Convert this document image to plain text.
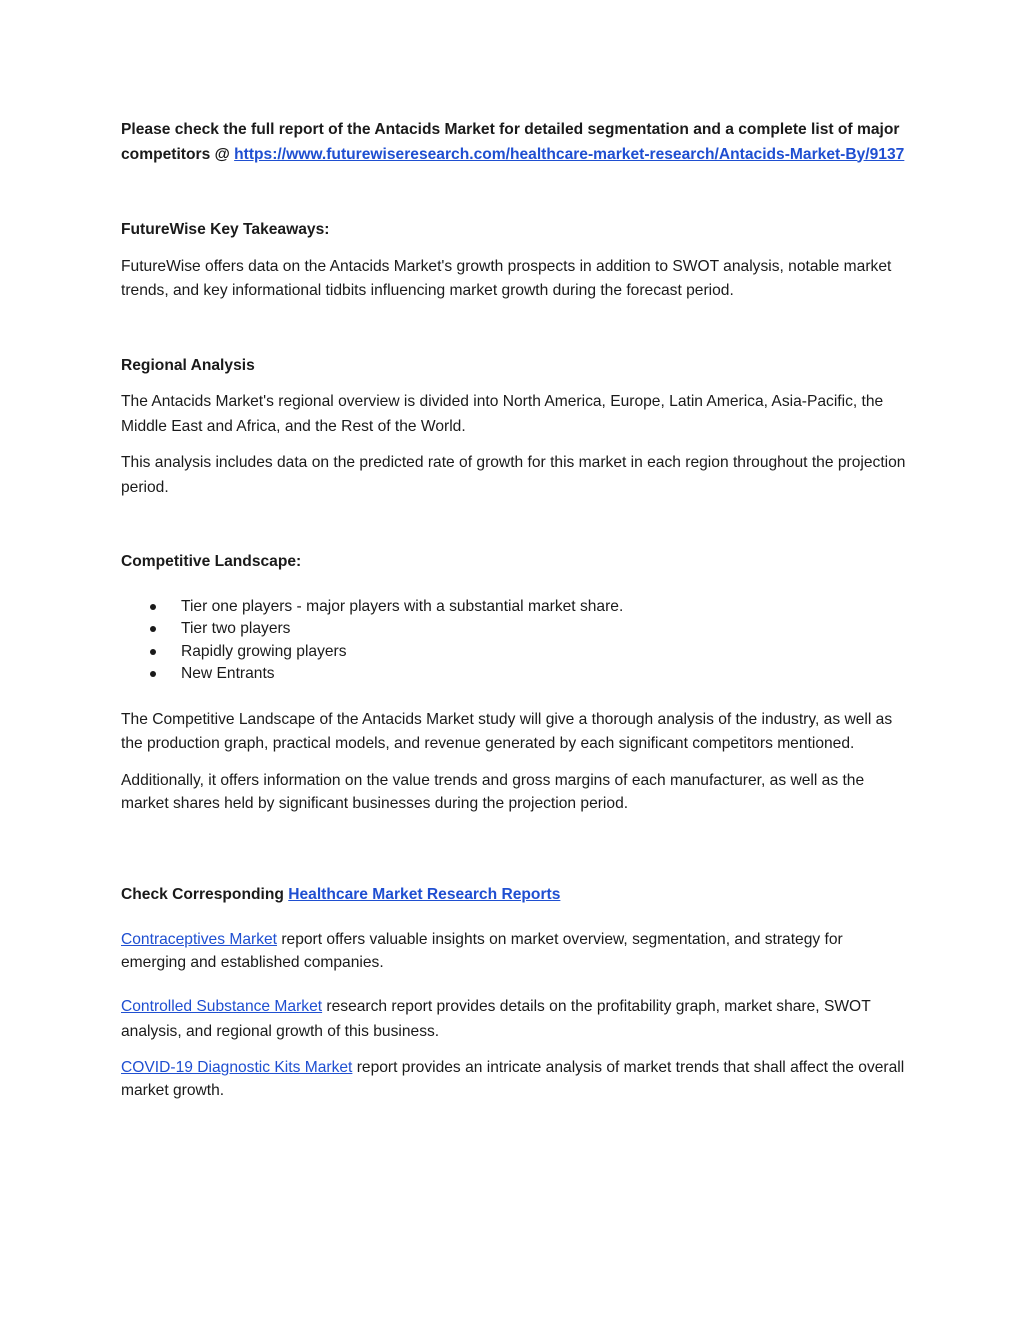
Please check the full report of the Antacids Market for detailed segmentation and a complete list of major competitors @ https://www.futurewiseresearch.com/healthcare-market-research/Antacids-Market-By/9137

FutureWise Key Takeaways:

FutureWise offers data on the Antacids Market's growth prospects in addition to SWOT analysis, notable market trends, and key informational tidbits influencing market growth during the forecast period.

Regional Analysis

The Antacids Market's regional overview is divided into North America, Europe, Latin America, Asia-Pacific, the Middle East and Africa, and the Rest of the World.

This analysis includes data on the predicted rate of growth for this market in each region throughout the projection period.

Competitive Landscape:

Tier one players - major players with a substantial market share.
Tier two players
Rapidly growing players
New Entrants

The Competitive Landscape of the Antacids Market study will give a thorough analysis of the industry, as well as the production graph, practical models, and revenue generated by each significant competitors mentioned.

Additionally, it offers information on the value trends and gross margins of each manufacturer, as well as the market shares held by significant businesses during the projection period.

Check Corresponding Healthcare Market Research Reports

Contraceptives Market report offers valuable insights on market overview, segmentation, and strategy for emerging and established companies.

Controlled Substance Market research report provides details on the profitability graph, market share, SWOT analysis, and regional growth of this business.

COVID-19 Diagnostic Kits Market report provides an intricate analysis of market trends that shall affect the overall market growth.
